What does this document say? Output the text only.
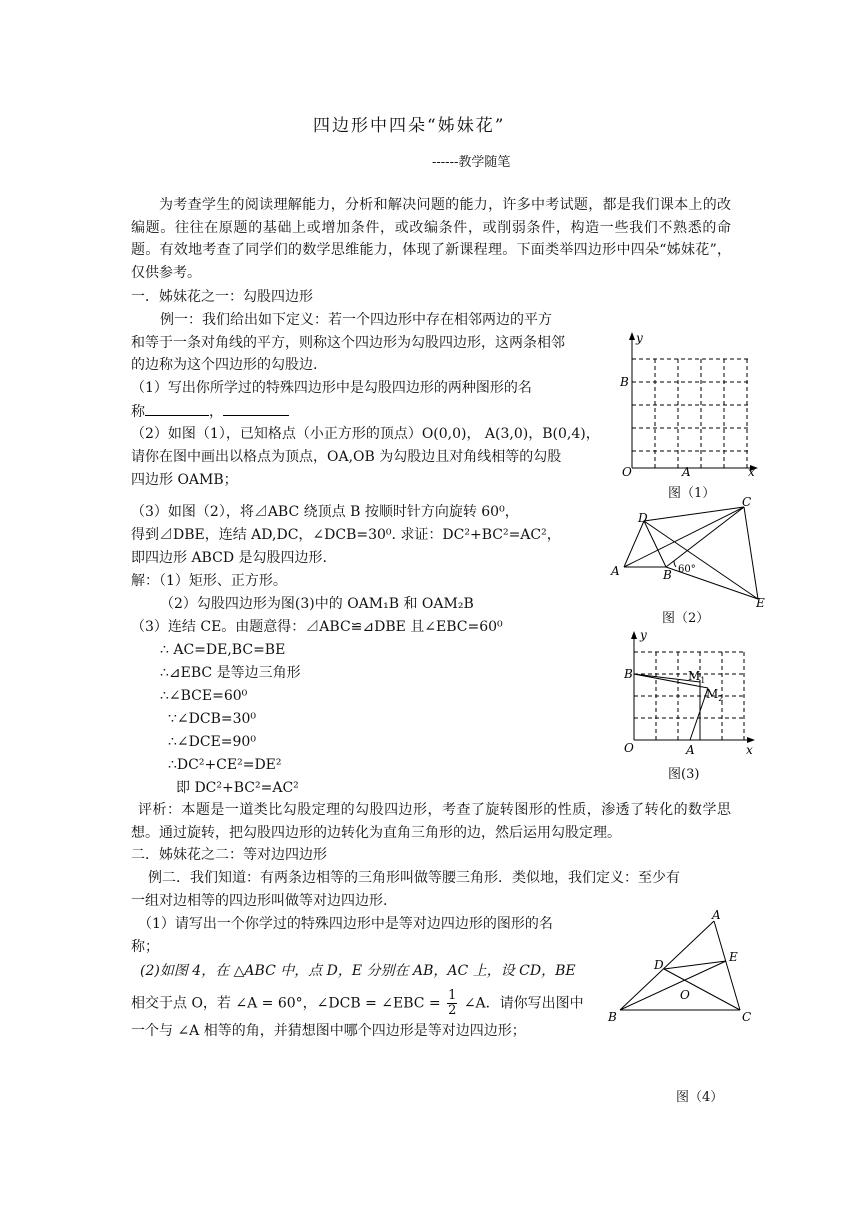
四边形中四朵“姊妹花”
------教学随笔
为考查学生的阅读理解能力，分析和解决问题的能力，许多中考试题，都是我们课本上的改编题。往往在原题的基础上或增加条件，或改编条件，或削弱条件，构造一些我们不熟悉的命题。有效地考查了同学们的数学思维能力，体现了新课程理。下面类举四边形中四朵“姊妹花”，仅供参考。
一．姊妹花之一：勾股四边形
例一：我们给出如下定义：若一个四边形中存在相邻两边的平方
和等于一条对角线的平方，则称这个四边形为勾股四边形，这两条相邻
的边称为这个四边形的勾股边.
（1）写出你所学过的特殊四边形中是勾股四边形的两种图形的名
称	，
（2）如图（1），已知格点（小正方形的顶点）O(0,0)， A(3,0)，B(0,4)，
请你在图中画出以格点为顶点，OA,OB 为勾股边且对角线相等的勾股
四边形 OAMB；
（3）如图（2），将⊿ABC 绕顶点 B 按顺时针方向旋转 60⁰，
得到⊿DBE，连结 AD,DC，∠DCB=30⁰. 求证：DC²+BC²=AC²，
即四边形 ABCD 是勾股四边形.
解：（1）矩形、正方形。
（2）勾股四边形为图(3)中的 OAM₁B 和 OAM₂B
（3）连结 CE。由题意得：⊿ABC≌⊿DBE 且∠EBC=60⁰
∴ AC=DE,BC=BE
∴⊿EBC 是等边三角形
∴∠BCE=60⁰
∵∠DCB=30⁰
∴∠DCE=90⁰
∴DC²+CE²=DE²
即 DC²+BC²=AC²
评析：本题是一道类比勾股定理的勾股四边形，考查了旋转图形的性质，渗透了转化的数学思想。通过旋转，把勾股四边形的边转化为直角三角形的边，然后运用勾股定理。
二．姊妹花之二：等对边四边形
例二．我们知道：有两条边相等的三角形叫做等腰三角形．类似地，我们定义：至少有
一组对边相等的四边形叫做等对边四边形.
（1）请写出一个你学过的特殊四边形中是等对边四边形的图形的名
称；
(2)如图 4，在 △ABC 中，点 D，E 分别在 AB，AC 上，设 CD，BE
相交于点 O，若 ∠A = 60°，∠DCB = ∠EBC = $\frac{1}{2}$ ∠A．请你写出图中
一个与 ∠A 相等的角，并猜想图中哪个四边形是等对边四边形；
y
x
O	A
B
图（1）
60°
A	B
C
D
E
图（2）
y
x
O	A
B	$M_1$
$M_2$
图(3)
A
B	C
D
E
O
图（4）
